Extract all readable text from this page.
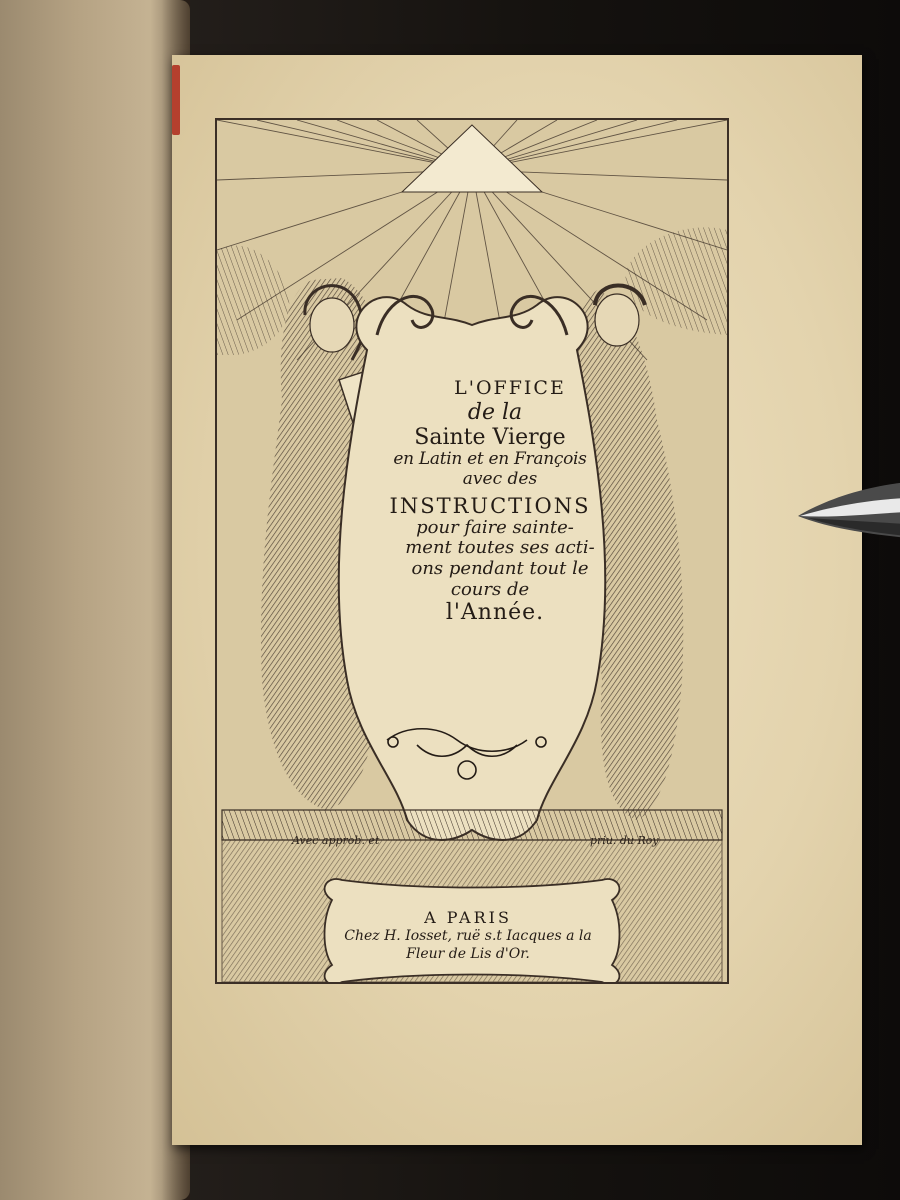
L'OFFICE
de la
Sainte Vierge
en Latin et en François
avec des
INSTRUCTIONS
pour faire sainte-
ment toutes ses acti-
ons pendant tout le
cours de
l'Année.
Avec approb. et	priu. du Roy
A PARIS
Chez H. Iosset, ruë s.t Iacques a la
Fleur de Lis d'Or.
